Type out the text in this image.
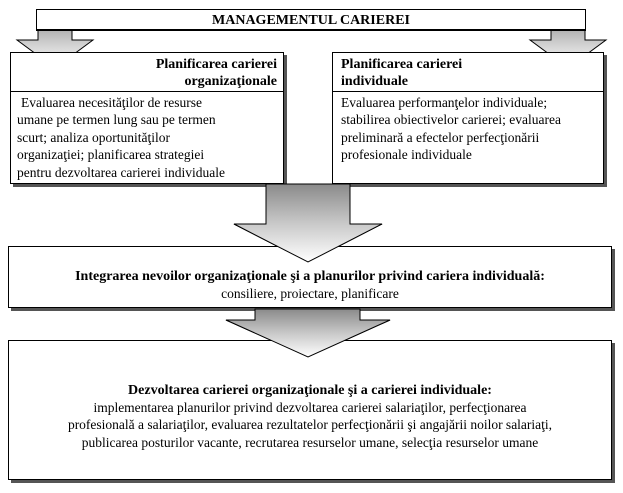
MANAGEMENTUL CARIEREI
Planificarea carierei
organizaţionale
Evaluarea necesităţilor de resurse
umane pe termen lung sau pe termen
scurt; analiza oportunităţilor
organizaţiei; planificarea strategiei
pentru dezvoltarea carierei individuale
Planificarea carierei
individuale
Evaluarea performanţelor individuale;
stabilirea obiectivelor carierei; evaluarea
preliminară a efectelor perfecţionării
profesionale individuale
Integrarea nevoilor organizaţionale şi a planurilor privind cariera individuală:
consiliere, proiectare, planificare
Dezvoltarea carierei organizaţionale şi a carierei individuale:
implementarea planurilor privind dezvoltarea carierei salariaţilor, perfecţionarea
profesională a salariaţilor, evaluarea rezultatelor perfecţionării şi angajării noilor salariaţi,
publicarea posturilor vacante, recrutarea resurselor umane, selecţia resurselor umane
